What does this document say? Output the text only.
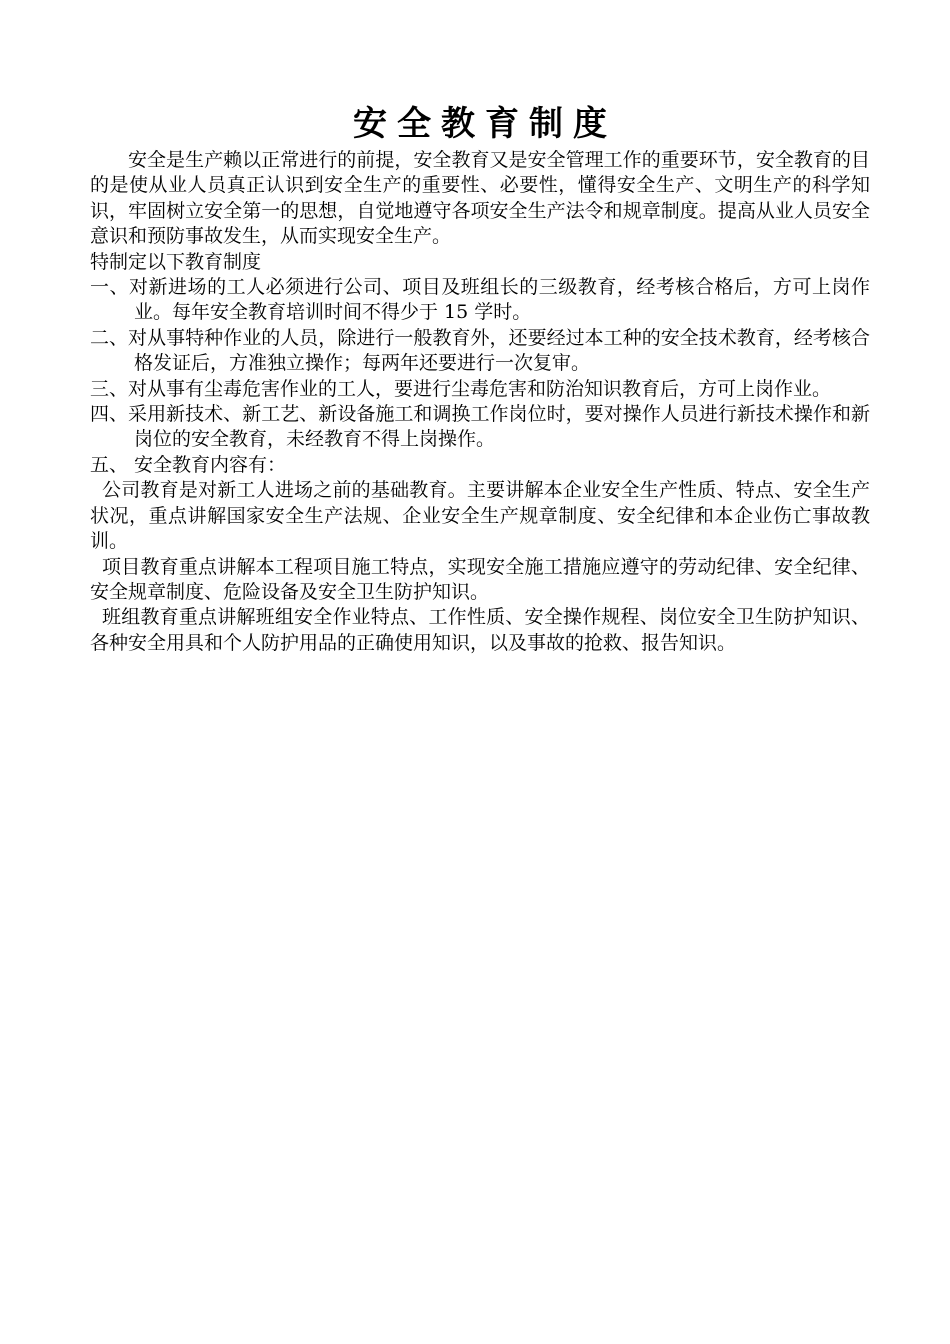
安全教育制度

安全是生产赖以正常进行的前提，安全教育又是安全管理工作的重要环节，安全教育的目的是使从业人员真正认识到安全生产的重要性、必要性，懂得安全生产、文明生产的科学知识，牢固树立安全第一的思想，自觉地遵守各项安全生产法令和规章制度。提高从业人员安全意识和预防事故发生，从而实现安全生产。

特制定以下教育制度

一、对新进场的工人必须进行公司、项目及班组长的三级教育，经考核合格后，方可上岗作业。每年安全教育培训时间不得少于 15 学时。

二、对从事特种作业的人员，除进行一般教育外，还要经过本工种的安全技术教育，经考核合格发证后，方准独立操作；每两年还要进行一次复审。

三、对从事有尘毒危害作业的工人，要进行尘毒危害和防治知识教育后，方可上岗作业。

四、采用新技术、新工艺、新设备施工和调换工作岗位时，要对操作人员进行新技术操作和新岗位的安全教育，未经教育不得上岗操作。

五、 安全教育内容有：

公司教育是对新工人进场之前的基础教育。主要讲解本企业安全生产性质、特点、安全生产状况，重点讲解国家安全生产法规、企业安全生产规章制度、安全纪律和本企业伤亡事故教训。

项目教育重点讲解本工程项目施工特点，实现安全施工措施应遵守的劳动纪律、安全纪律、安全规章制度、危险设备及安全卫生防护知识。

班组教育重点讲解班组安全作业特点、工作性质、安全操作规程、岗位安全卫生防护知识、各种安全用具和个人防护用品的正确使用知识，以及事故的抢救、报告知识。
